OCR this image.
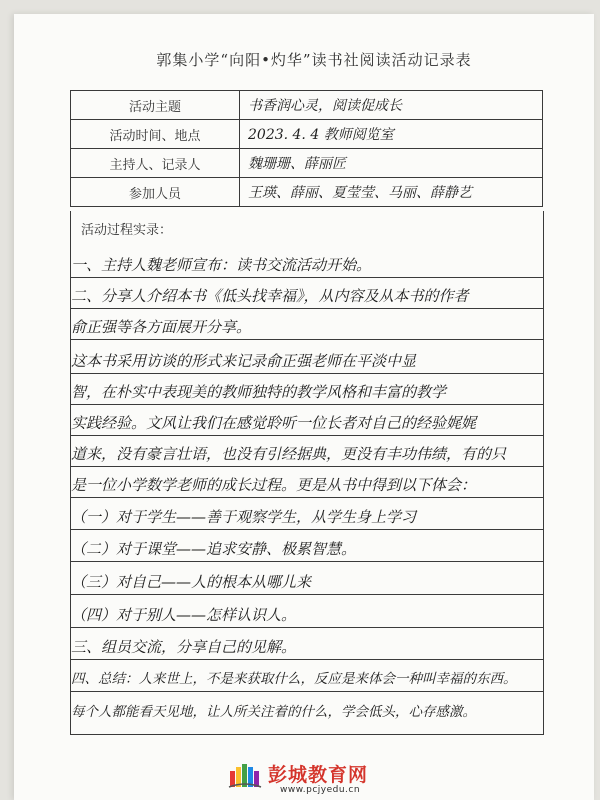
郭集小学“向阳•灼华”读书社阅读活动记录表
活动主题	书香润心灵，阅读促成长
活动时间、地点	2023. 4. 4 教师阅览室
主持人、记录人	魏珊珊、薛丽匠
参加人员	王瑛、薛丽、夏莹莹、马丽、薛静艺
活动过程实录：
一、主持人魏老师宣布：读书交流活动开始。
二、分享人介绍本书《低头找幸福》，从内容及从本书的作者
俞正强等各方面展开分享。
这本书采用访谈的形式来记录俞正强老师在平淡中显
智，在朴实中表现美的教师独特的教学风格和丰富的教学
实践经验。文风让我们在感觉聆听一位长者对自己的经验娓娓
道来，没有豪言壮语，也没有引经据典，更没有丰功伟绩，有的只
是一位小学数学老师的成长过程。更是从书中得到以下体会：
（一）对于学生——善于观察学生，从学生身上学习
（二）对于课堂——追求安静、极累智慧。
（三）对自己——人的根本从哪儿来
（四）对于别人——怎样认识人。
三、组员交流，分享自己的见解。
四、总结：人来世上，不是来获取什么，反应是来体会一种叫幸福的东西。
每个人都能看天见地，让人所关注着的什么，学会低头，心存感激。
彭城教育网
www.pcjyedu.cn
